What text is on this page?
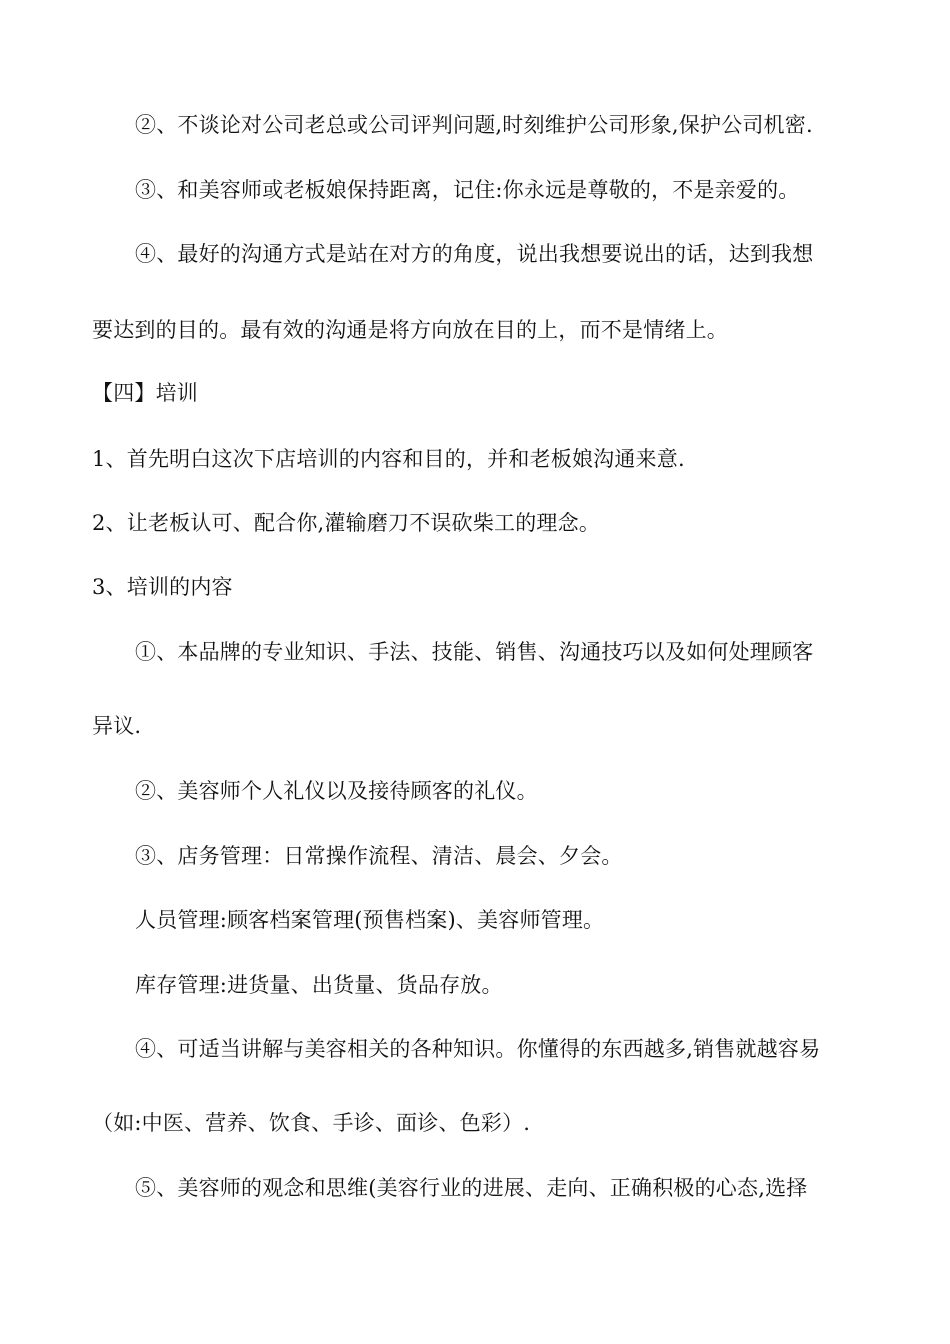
②、不谈论对公司老总或公司评判问题,时刻维护公司形象,保护公司机密.
③、和美容师或老板娘保持距离，记住:你永远是尊敬的，不是亲爱的。
④、最好的沟通方式是站在对方的角度，说出我想要说出的话，达到我想
要达到的目的。最有效的沟通是将方向放在目的上，而不是情绪上。
【四】培训
1、首先明白这次下店培训的内容和目的，并和老板娘沟通来意.
2、让老板认可、配合你,灌输磨刀不误砍柴工的理念。
3、培训的内容
①、本品牌的专业知识、手法、技能、销售、沟通技巧以及如何处理顾客
异议.
②、美容师个人礼仪以及接待顾客的礼仪。
③、店务管理：日常操作流程、清洁、晨会、夕会。
人员管理:顾客档案管理(预售档案)、美容师管理。
库存管理:进货量、出货量、货品存放。
④、可适当讲解与美容相关的各种知识。你懂得的东西越多,销售就越容易
（如:中医、营养、饮食、手诊、面诊、色彩）.
⑤、美容师的观念和思维(美容行业的进展、走向、正确积极的心态,选择
